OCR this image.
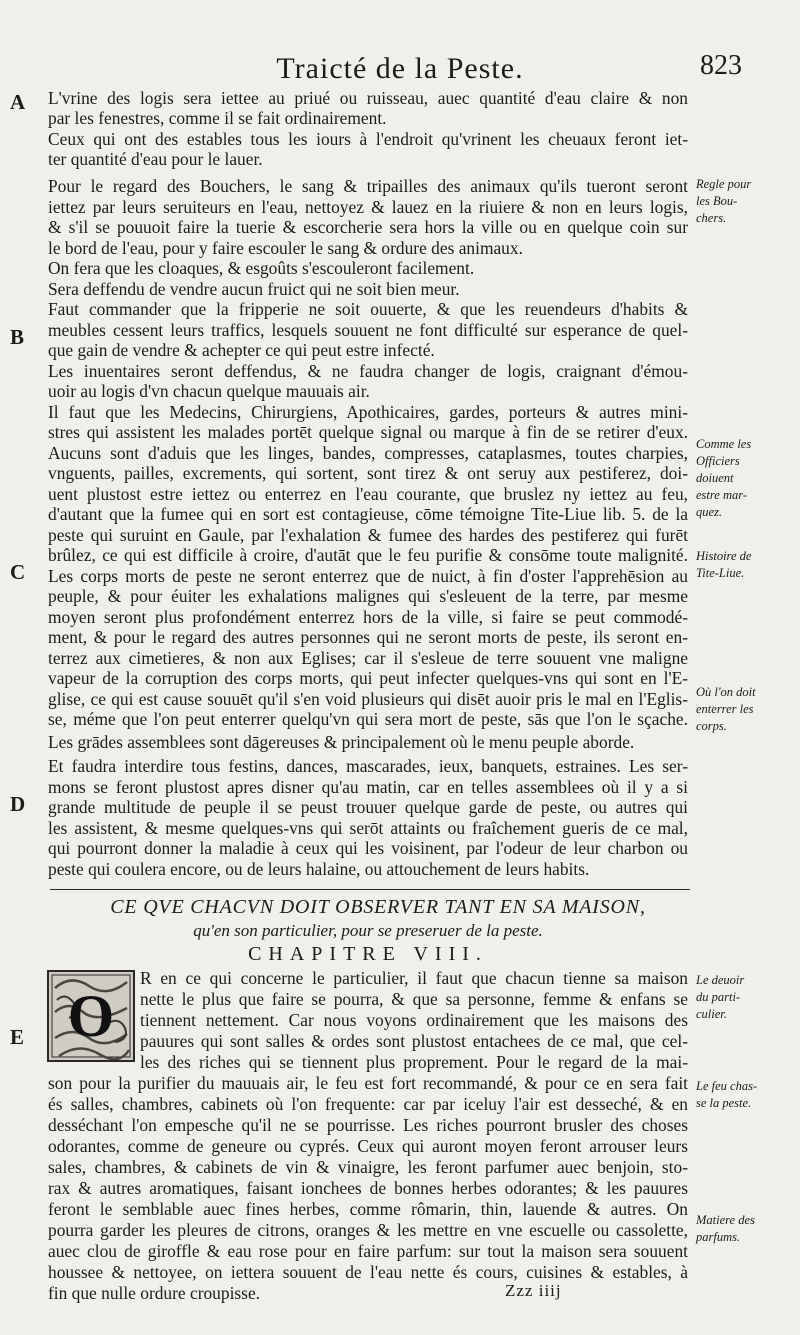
Traicté de la Peste.	823
A
B
C
D
E
Regle pour
les Bou-
chers.
Comme les
Officiers
doiuent
estre mar-
quez.
Histoire de
Tite-Liue.
Où l'on doit
enterrer les
corps.
Le deuoir
du parti-
culier.
Le feu chas-
se la peste.
Matiere des
parfums.
L'vrine des logis sera iettee au priué ou ruisseau, auec quantité d'eau claire & non
par les fenestres, comme il se fait ordinairement.
Ceux qui ont des estables tous les iours à l'endroit qu'vrinent les cheuaux feront iet-
ter quantité d'eau pour le lauer.
Pour le regard des Bouchers, le sang & tripailles des animaux qu'ils tueront seront
iettez par leurs seruiteurs en l'eau, nettoyez & lauez en la riuiere & non en leurs logis,
& s'il se pouuoit faire la tuerie & escorcherie sera hors la ville ou en quelque coin sur
le bord de l'eau, pour y faire escouler le sang & ordure des animaux.
On fera que les cloaques, & esgoûts s'escouleront facilement.
Sera deffendu de vendre aucun fruict qui ne soit bien meur.
Faut commander que la fripperie ne soit ouuerte, & que les reuendeurs d'habits &
meubles cessent leurs traffics, lesquels souuent ne font difficulté sur esperance de quel-
que gain de vendre & achepter ce qui peut estre infecté.
Les inuentaires seront deffendus, & ne faudra changer de logis, craignant d'émou-
uoir au logis d'vn chacun quelque mauuais air.
Il faut que les Medecins, Chirurgiens, Apothicaires, gardes, porteurs & autres mini-
stres qui assistent les malades portēt quelque signal ou marque à fin de se retirer d'eux.
Aucuns sont d'aduis que les linges, bandes, compresses, cataplasmes, toutes charpies,
vnguents, pailles, excrements, qui sortent, sont tirez & ont seruy aux pestiferez, doi-
uent plustost estre iettez ou enterrez en l'eau courante, que bruslez ny iettez au feu,
d'autant que la fumee qui en sort est contagieuse, cōme témoigne Tite-Liue lib. 5. de la
peste qui suruint en Gaule, par l'exhalation & fumee des hardes des pestiferez qui furēt
brûlez, ce qui est difficile à croire, d'autāt que le feu purifie & consōme toute malignité.
Les corps morts de peste ne seront enterrez que de nuict, à fin d'oster l'apprehēsion au
peuple, & pour éuiter les exhalations malignes qui s'esleuent de la terre, par mesme
moyen seront plus profondément enterrez hors de la ville, si faire se peut commodé-
ment, & pour le regard des autres personnes qui ne seront morts de peste, ils seront en-
terrez aux cimetieres, & non aux Eglises; car il s'esleue de terre souuent vne maligne
vapeur de la corruption des corps morts, qui peut infecter quelques-vns qui sont en l'E-
glise, ce qui est cause souuēt qu'il s'en void plusieurs qui disēt auoir pris le mal en l'Eglis-
se, méme que l'on peut enterrer quelqu'vn qui sera mort de peste, sās que l'on le sçache.
Les grādes assemblees sont dāgereuses & principalement où le menu peuple aborde.
Et faudra interdire tous festins, dances, mascarades, ieux, banquets, estraines. Les ser-
mons se feront plustost apres disner qu'au matin, car en telles assemblees où il y a si
grande multitude de peuple il se peust trouuer quelque garde de peste, ou autres qui
les assistent, & mesme quelques-vns qui serōt attaints ou fraîchement gueris de ce mal,
qui pourront donner la maladie à ceux qui les voisinent, par l'odeur de leur charbon ou
peste qui coulera encore, ou de leurs halaine, ou attouchement de leurs habits.
CE QVE CHACVN DOIT OBSERVER TANT EN SA MAISON,
qu'en son particulier, pour se preseruer de la peste.
CHAPITRE VIII.
O
R en ce qui concerne le particulier, il faut que chacun tienne sa maison
nette le plus que faire se pourra, & que sa personne, femme & enfans se
tiennent nettement. Car nous voyons ordinairement que les maisons des
pauures qui sont salles & ordes sont plustost entachees de ce mal, que cel-
les des riches qui se tiennent plus proprement. Pour le regard de la mai-
son pour la purifier du mauuais air, le feu est fort recommandé, & pour ce en sera fait
és salles, chambres, cabinets où l'on frequente: car par iceluy l'air est desseché, & en
desséchant l'on empesche qu'il ne se pourrisse. Les riches pourront brusler des choses
odorantes, comme de geneure ou cyprés. Ceux qui auront moyen feront arrouser leurs
sales, chambres, & cabinets de vin & vinaigre, les feront parfumer auec benjoin, sto-
rax & autres aromatiques, faisant ionchees de bonnes herbes odorantes; & les pauures
feront le semblable auec fines herbes, comme rômarin, thin, lauende & autres. On
pourra garder les pleures de citrons, oranges & les mettre en vne escuelle ou cassolette,
auec clou de giroffle & eau rose pour en faire parfum: sur tout la maison sera souuent
houssee & nettoyee, on iettera souuent de l'eau nette és cours, cuisines & estables, à
fin que nulle ordure croupisse.	Zzz iiij
